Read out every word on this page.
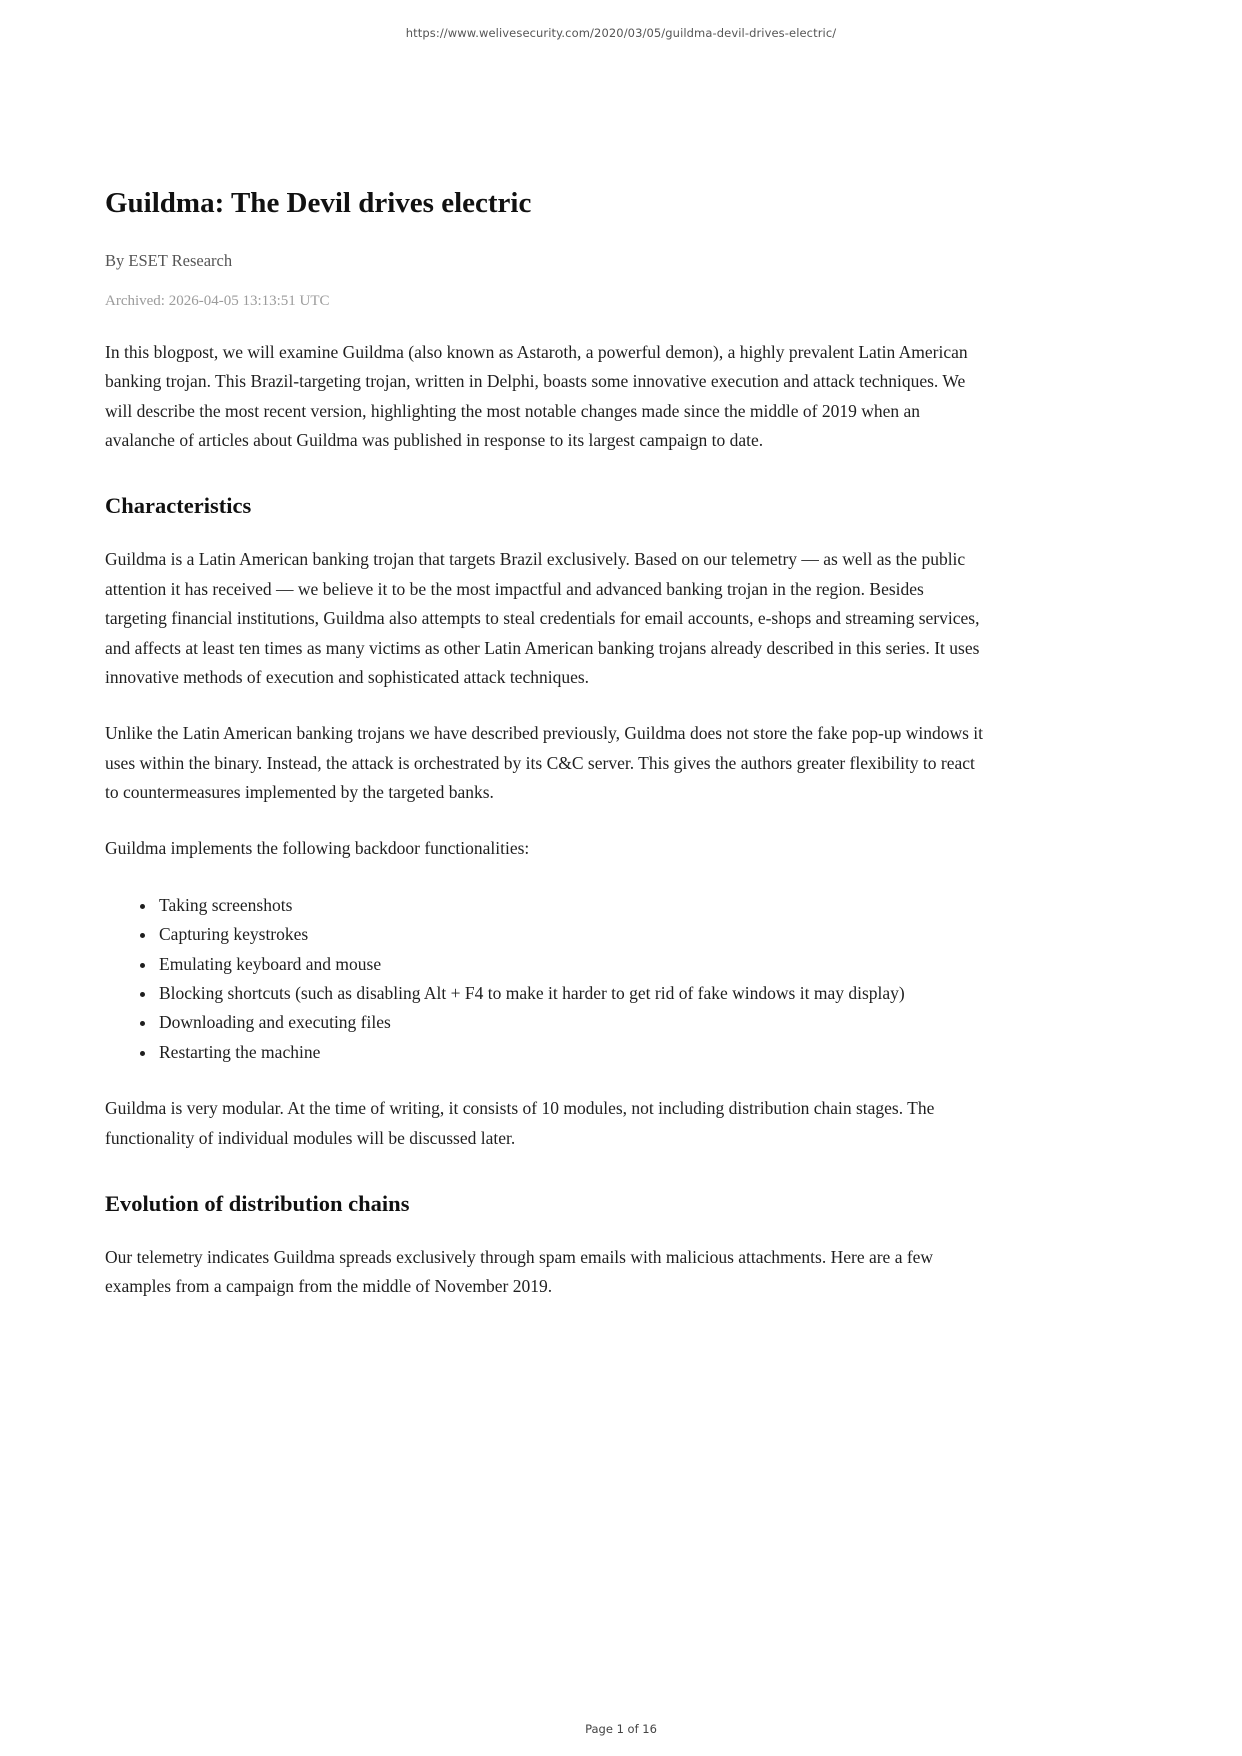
https://www.welivesecurity.com/2020/03/05/guildma-devil-drives-electric/
Guildma: The Devil drives electric
By ESET Research
Archived: 2026-04-05 13:13:51 UTC

In this blogpost, we will examine Guildma (also known as Astaroth, a powerful demon), a highly prevalent Latin American banking trojan. This Brazil-targeting trojan, written in Delphi, boasts some innovative execution and attack techniques. We will describe the most recent version, highlighting the most notable changes made since the middle of 2019 when an avalanche of articles about Guildma was published in response to its largest campaign to date.

Characteristics

Guildma is a Latin American banking trojan that targets Brazil exclusively. Based on our telemetry — as well as the public attention it has received — we believe it to be the most impactful and advanced banking trojan in the region. Besides targeting financial institutions, Guildma also attempts to steal credentials for email accounts, e-shops and streaming services, and affects at least ten times as many victims as other Latin American banking trojans already described in this series. It uses innovative methods of execution and sophisticated attack techniques.

Unlike the Latin American banking trojans we have described previously, Guildma does not store the fake pop-up windows it uses within the binary. Instead, the attack is orchestrated by its C&C server. This gives the authors greater flexibility to react to countermeasures implemented by the targeted banks.

Guildma implements the following backdoor functionalities:

• Taking screenshots
• Capturing keystrokes
• Emulating keyboard and mouse
• Blocking shortcuts (such as disabling Alt + F4 to make it harder to get rid of fake windows it may display)
• Downloading and executing files
• Restarting the machine

Guildma is very modular. At the time of writing, it consists of 10 modules, not including distribution chain stages. The functionality of individual modules will be discussed later.

Evolution of distribution chains

Our telemetry indicates Guildma spreads exclusively through spam emails with malicious attachments. Here are a few examples from a campaign from the middle of November 2019.

Page 1 of 16
